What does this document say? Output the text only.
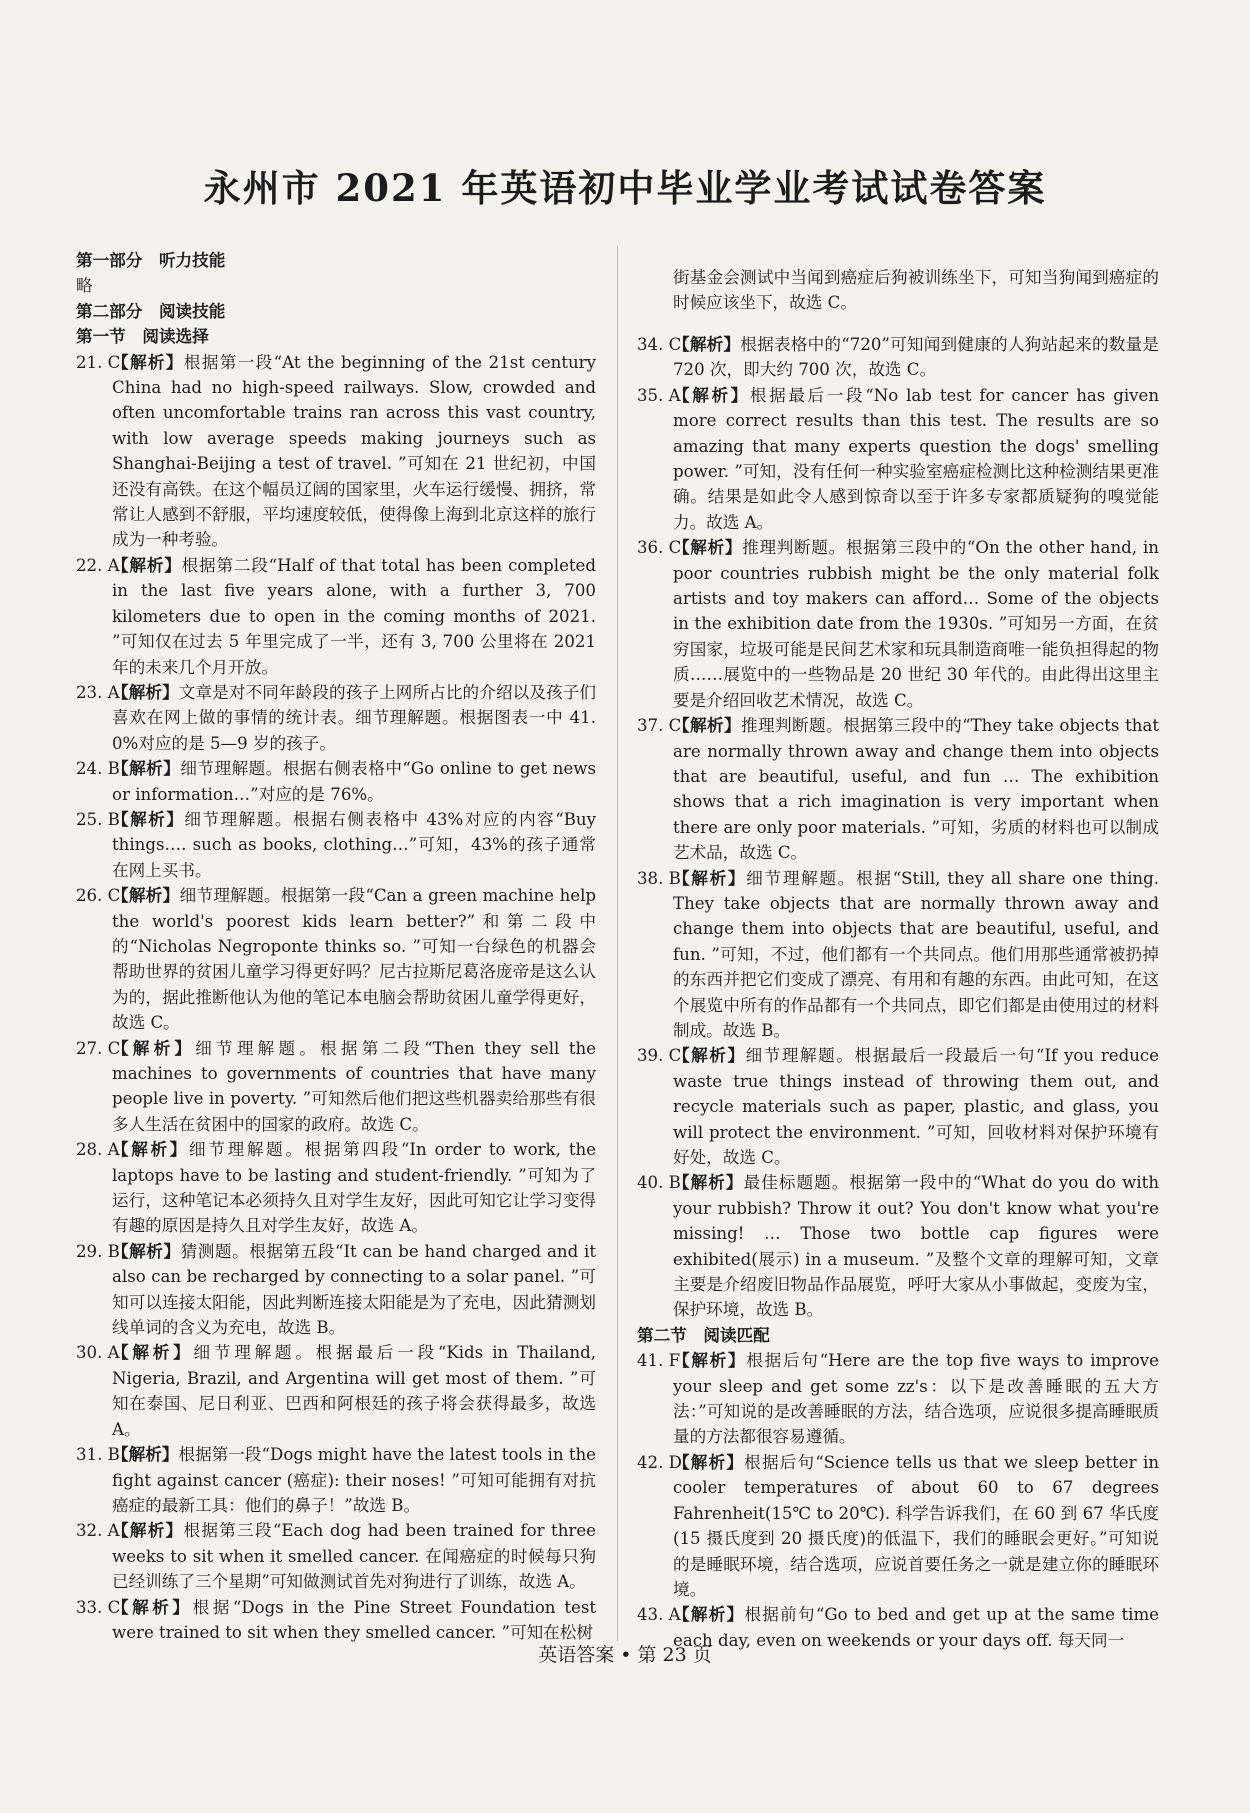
永州市 2021 年英语初中毕业学业考试试卷答案

第一部分　听力技能

略

第二部分　阅读技能

第一节　阅读选择

21. C
【解析】根据第一段“At the beginning of the 21st century China had no high-speed railways. Slow, crowded and often uncomfortable trains ran across this vast country, with low average speeds making journeys such as Shanghai-Beijing a test of travel. ”可知在 21 世纪初，中国还没有高铁。在这个幅员辽阔的国家里，火车运行缓慢、拥挤，常常让人感到不舒服，平均速度较低，使得像上海到北京这样的旅行成为一种考验。
22. A
【解析】根据第二段“Half of that total has been completed in the last five years alone, with a further 3, 700 kilometers due to open in the coming months of 2021. ”可知仅在过去 5 年里完成了一半，还有 3, 700 公里将在 2021 年的未来几个月开放。
23. A
【解析】文章是对不同年龄段的孩子上网所占比的介绍以及孩子们喜欢在网上做的事情的统计表。细节理解题。根据图表一中 41. 0%对应的是 5—9 岁的孩子。
24. B
【解析】细节理解题。根据右侧表格中“Go online to get news or information…”对应的是 76%。
25. B
【解析】细节理解题。根据右侧表格中 43%对应的内容“Buy things…. such as books, clothing…”可知，43%的孩子通常在网上买书。
26. C
【解析】细节理解题。根据第一段“Can a green machine help the world's poorest kids learn better?”和第二段中的“Nicholas Negroponte thinks so. ”可知一台绿色的机器会帮助世界的贫困儿童学习得更好吗？尼古拉斯尼葛洛庞帝是这么认为的，据此推断他认为他的笔记本电脑会帮助贫困儿童学得更好，故选 C。
27. C
【解析】细节理解题。根据第二段“Then they sell the machines to governments of countries that have many people live in poverty. ”可知然后他们把这些机器卖给那些有很多人生活在贫困中的国家的政府。故选 C。
28. A
【解析】细节理解题。根据第四段“In order to work, the laptops have to be lasting and student-friendly. ”可知为了运行，这种笔记本必须持久且对学生友好，因此可知它让学习变得有趣的原因是持久且对学生友好，故选 A。
29. B
【解析】猜测题。根据第五段“It can be hand charged and it also can be recharged by connecting to a solar panel. ”可知可以连接太阳能，因此判断连接太阳能是为了充电，因此猜测划线单词的含义为充电，故选 B。
30. A
【解析】细节理解题。根据最后一段“Kids in Thailand, Nigeria, Brazil, and Argentina will get most of them. ”可知在泰国、尼日利亚、巴西和阿根廷的孩子将会获得最多，故选 A。
31. B
【解析】根据第一段“Dogs might have the latest tools in the fight against cancer (癌症): their noses! ”可知可能拥有对抗癌症的最新工具：他们的鼻子！”故选 B。
32. A
【解析】根据第三段“Each dog had been trained for three weeks to sit when it smelled cancer. 在闻癌症的时候每只狗已经训练了三个星期”可知做测试首先对狗进行了训练，故选 A。
33. C
【解析】根据“Dogs in the Pine Street Foundation test were trained to sit when they smelled cancer. ”可知在松树

街基金会测试中当闻到癌症后狗被训练坐下，可知当狗闻到癌症的时候应该坐下，故选 C。

34. C
【解析】根据表格中的“720”可知闻到健康的人狗站起来的数量是 720 次，即大约 700 次，故选 C。
35. A
【解析】根据最后一段“No lab test for cancer has given more correct results than this test. The results are so amazing that many experts question the dogs' smelling power. ”可知，没有任何一种实验室癌症检测比这种检测结果更准确。结果是如此令人感到惊奇以至于许多专家都质疑狗的嗅觉能力。故选 A。
36. C
【解析】推理判断题。根据第三段中的“On the other hand, in poor countries rubbish might be the only material folk artists and toy makers can afford… Some of the objects in the exhibition date from the 1930s. ”可知另一方面，在贫穷国家，垃圾可能是民间艺术家和玩具制造商唯一能负担得起的物质……展览中的一些物品是 20 世纪 30 年代的。由此得出这里主要是介绍回收艺术情况，故选 C。
37. C
【解析】推理判断题。根据第三段中的“They take objects that are normally thrown away and change them into objects that are beautiful, useful, and fun … The exhibition shows that a rich imagination is very important when there are only poor materials. ”可知，劣质的材料也可以制成艺术品，故选 C。
38. B
【解析】细节理解题。根据“Still, they all share one thing. They take objects that are normally thrown away and change them into objects that are beautiful, useful, and fun. ”可知，不过，他们都有一个共同点。他们用那些通常被扔掉的东西并把它们变成了漂亮、有用和有趣的东西。由此可知，在这个展览中所有的作品都有一个共同点，即它们都是由使用过的材料制成。故选 B。
39. C
【解析】细节理解题。根据最后一段最后一句“If you reduce waste true things instead of throwing them out, and recycle materials such as paper, plastic, and glass, you will protect the environment. ”可知，回收材料对保护环境有好处，故选 C。
40. B
【解析】最佳标题题。根据第一段中的“What do you do with your rubbish? Throw it out? You don't know what you're missing! … Those two bottle cap figures were exhibited(展示) in a museum. ”及整个文章的理解可知，文章主要是介绍废旧物品作品展览，呼吁大家从小事做起，变废为宝，保护环境，故选 B。

第二节　阅读匹配

41. F
【解析】根据后句“Here are the top five ways to improve your sleep and get some zz's：以下是改善睡眠的五大方法：”可知说的是改善睡眠的方法，结合选项，应说很多提高睡眠质量的方法都很容易遵循。
42. D
【解析】根据后句“Science tells us that we sleep better in cooler temperatures of about 60 to 67 degrees Fahrenheit(15℃ to 20℃). 科学告诉我们，在 60 到 67 华氏度(15 摄氏度到 20 摄氏度)的低温下，我们的睡眠会更好。”可知说的是睡眠环境，结合选项，应说首要任务之一就是建立你的睡眠环境。
43. A
【解析】根据前句“Go to bed and get up at the same time each day, even on weekends or your days off. 每天同一
英语答案 • 第 23 页
